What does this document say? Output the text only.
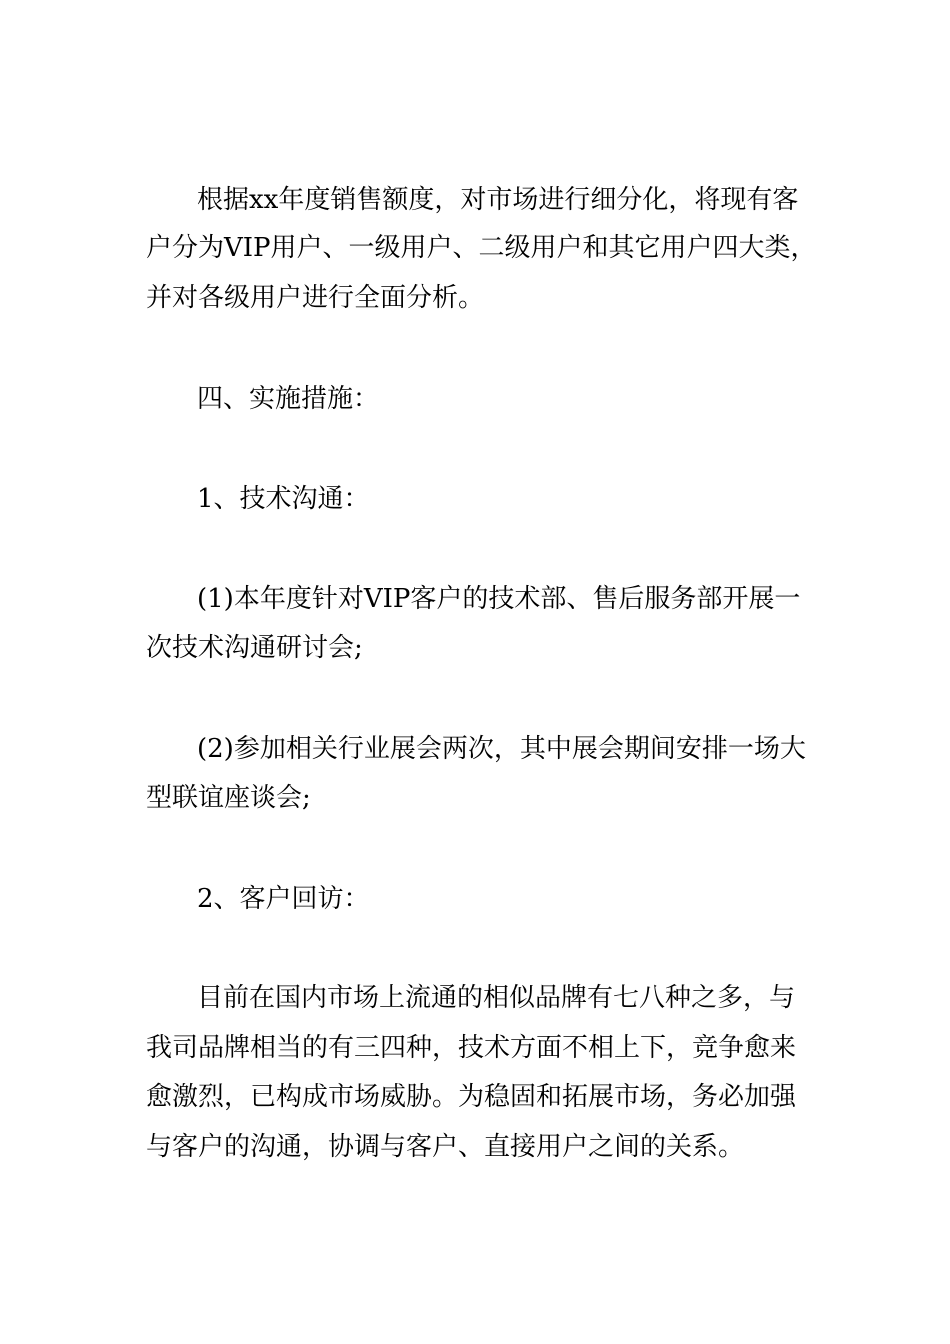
根据xx年度销售额度，对市场进行细分化，将现有客
户分为VIP用户、一级用户、二级用户和其它用户四大类，
并对各级用户进行全面分析。
四、实施措施：
1、技术沟通：
(1)本年度针对VIP客户的技术部、售后服务部开展一
次技术沟通研讨会;
(2)参加相关行业展会两次，其中展会期间安排一场大
型联谊座谈会;
2、客户回访：
目前在国内市场上流通的相似品牌有七八种之多，与
我司品牌相当的有三四种，技术方面不相上下，竞争愈来
愈激烈，已构成市场威胁。为稳固和拓展市场，务必加强
与客户的沟通，协调与客户、直接用户之间的关系。
